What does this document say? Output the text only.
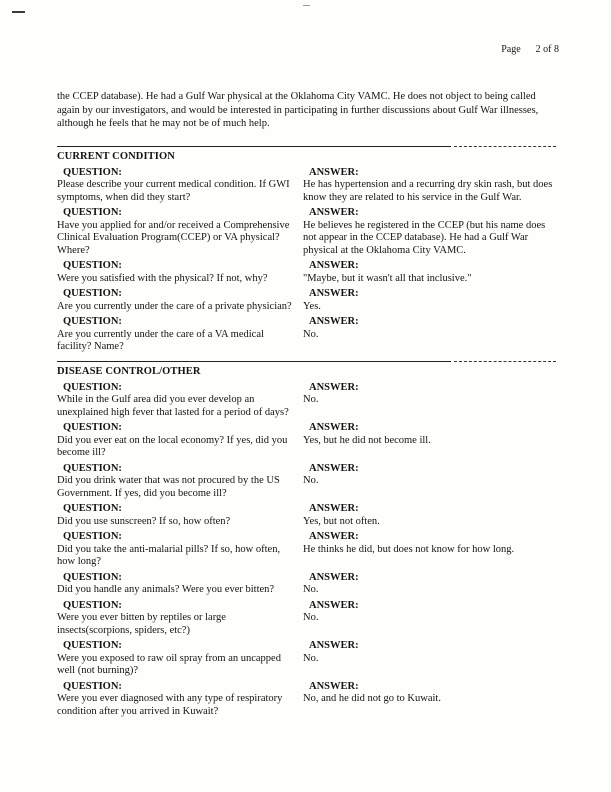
Page 2 of 8

the CCEP database). He had a Gulf War physical at the Oklahoma City VAMC. He does not object to being called again by our investigators, and would be interested in participating in further discussions about Gulf War illnesses, although he feels that he may not be of much help.

CURRENT CONDITION
QUESTION:
Please describe your current medical condition. If GWI symptoms, when did they start?
ANSWER:
He has hypertension and a recurring dry skin rash, but does know they are related to his service in the Gulf War.
QUESTION:
Have you applied for and/or received a Comprehensive Clinical Evaluation Program(CCEP) or VA physical? Where?
ANSWER:
He believes he registered in the CCEP (but his name does not appear in the CCEP database). He had a Gulf War physical at the Oklahoma City VAMC.
QUESTION:
Were you satisfied with the physical? If not, why?
ANSWER:
"Maybe, but it wasn't all that inclusive."
QUESTION:
Are you currently under the care of a private physician?
ANSWER:
Yes.
QUESTION:
Are you currently under the care of a VA medical facility? Name?
ANSWER:
No.
DISEASE CONTROL/OTHER
QUESTION:
While in the Gulf area did you ever develop an unexplained high fever that lasted for a period of days?
ANSWER:
No.
QUESTION:
Did you ever eat on the local economy? If yes, did you become ill?
ANSWER:
Yes, but he did not become ill.
QUESTION:
Did you drink water that was not procured by the US Government. If yes, did you become ill?
ANSWER:
No.
QUESTION:
Did you use sunscreen? If so, how often?
ANSWER:
Yes, but not often.
QUESTION:
Did you take the anti-malarial pills? If so, how often, how long?
ANSWER:
He thinks he did, but does not know for how long.
QUESTION:
Did you handle any animals? Were you ever bitten?
ANSWER:
No.
QUESTION:
Were you ever bitten by reptiles or large insects(scorpions, spiders, etc?)
ANSWER:
No.
QUESTION:
Were you exposed to raw oil spray from an uncapped well (not burning)?
ANSWER:
No.
QUESTION:
Were you ever diagnosed with any type of respiratory condition after you arrived in Kuwait?
ANSWER:
No, and he did not go to Kuwait.
